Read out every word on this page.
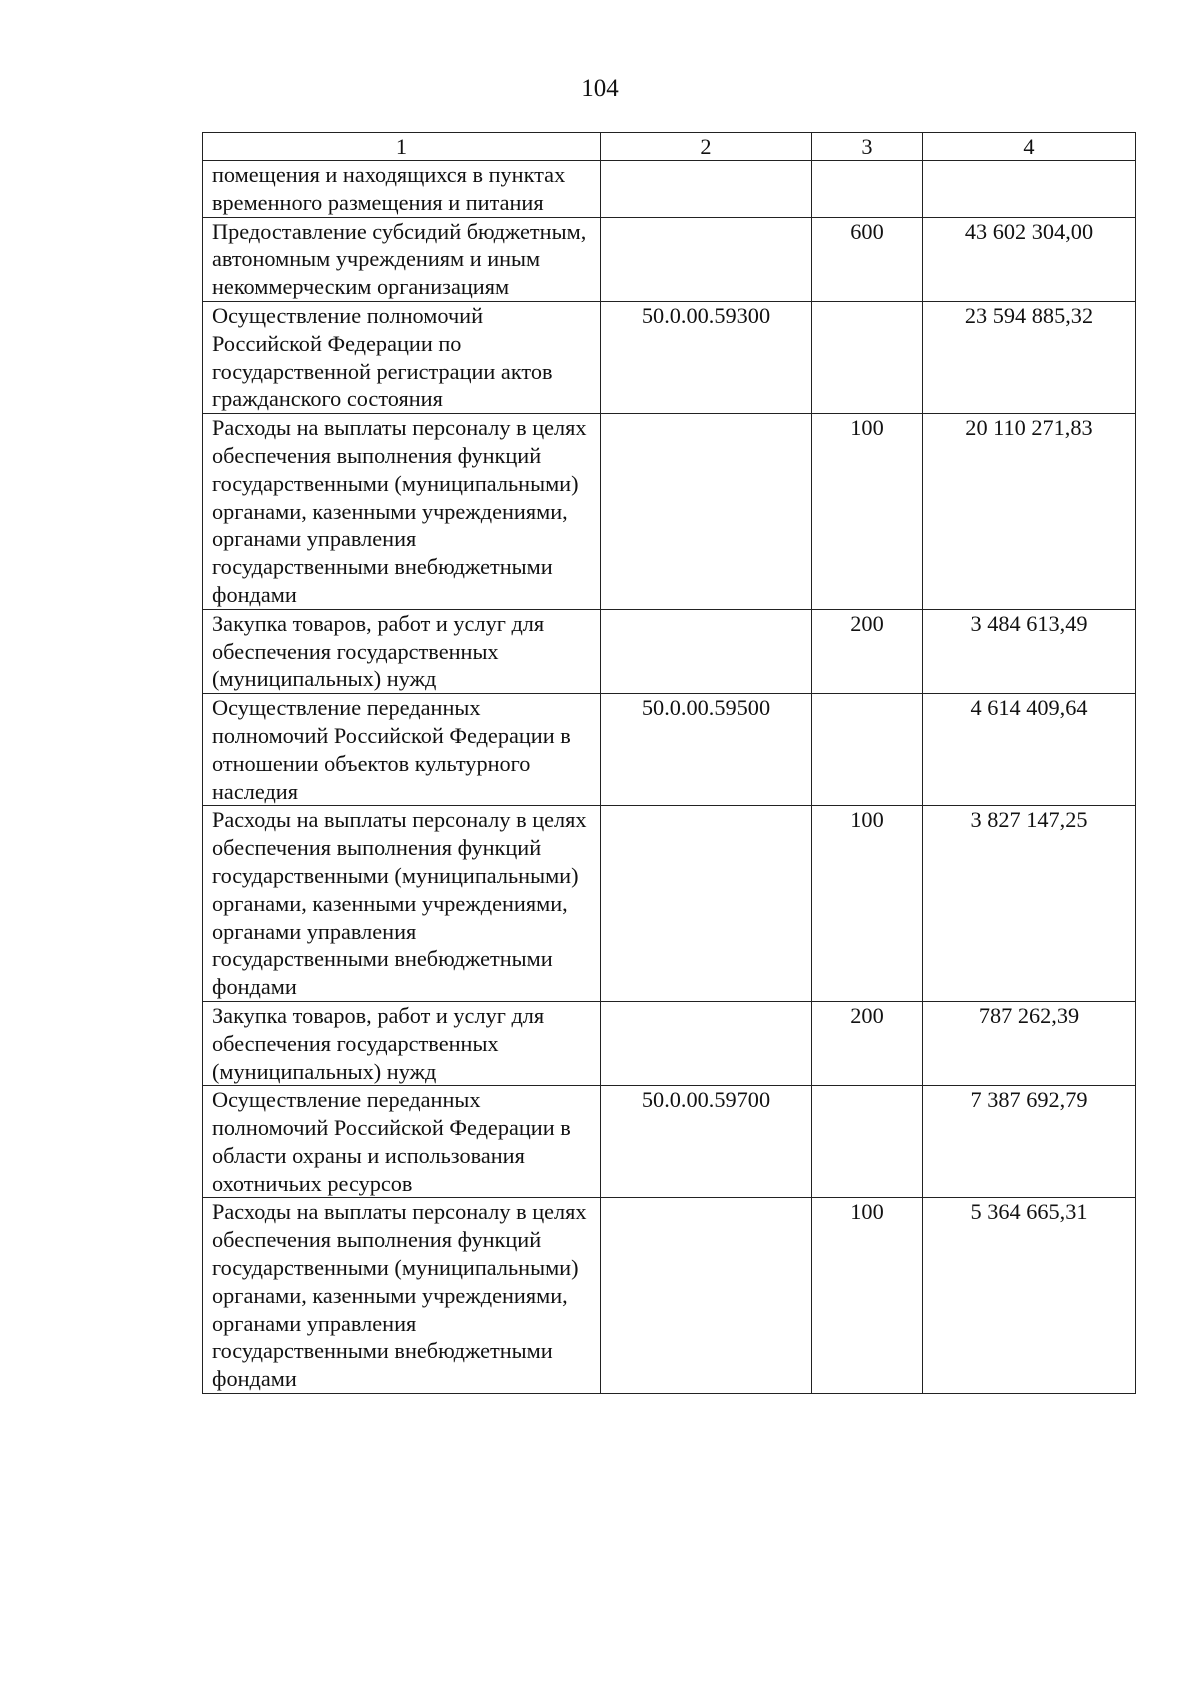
104
1	2	3	4
помещения и находящихся в пунктах временного размещения и питания			
Предоставление субсидий бюджетным, автономным учреждениям и иным некоммерческим организациям		600	43 602 304,00
Осуществление полномочий Российской Федерации по государственной регистрации актов гражданского состояния	50.0.00.59300		23 594 885,32
Расходы на выплаты персоналу в целях обеспечения выполнения функций государственными (муниципальными) органами, казенными учреждениями, органами управления государственными внебюджетными фондами		100	20 110 271,83
Закупка товаров, работ и услуг для обеспечения государственных (муниципальных) нужд		200	3 484 613,49
Осуществление переданных полномочий Российской Федерации в отношении объектов культурного наследия	50.0.00.59500		4 614 409,64
Расходы на выплаты персоналу в целях обеспечения выполнения функций государственными (муниципальными) органами, казенными учреждениями, органами управления государственными внебюджетными фондами		100	3 827 147,25
Закупка товаров, работ и услуг для обеспечения государственных (муниципальных) нужд		200	787 262,39
Осуществление переданных полномочий Российской Федерации в области охраны и использования охотничьих ресурсов	50.0.00.59700		7 387 692,79
Расходы на выплаты персоналу в целях обеспечения выполнения функций государственными (муниципальными) органами, казенными учреждениями, органами управления государственными внебюджетными фондами		100	5 364 665,31
